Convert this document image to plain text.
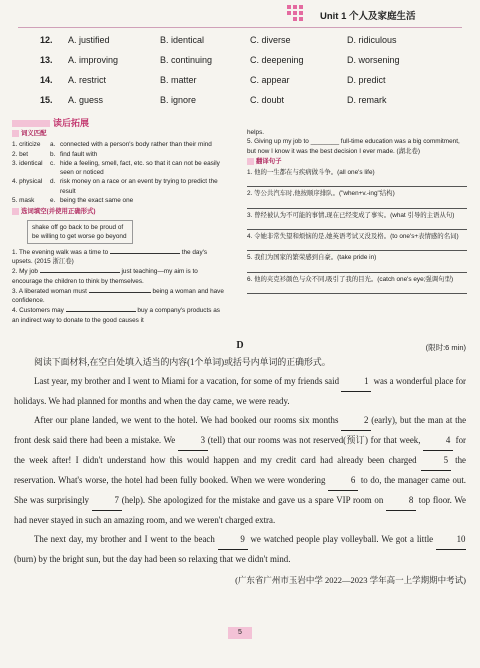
Unit 1 个人及家庭生活
12. A. justified	B. identical	C. diverse	D. ridiculous
13. A. improving	B. continuing	C. deepening	D. worsening
14. A. restrict	B. matter	C. appear	D. predict
15. A. guess	B. ignore	C. doubt	D. remark
读后拓展
词义匹配
1. criticize	a. connected with a person's body rather than their mind
2. bet	b. find fault with
3. identical	c. hide a feeling, smell, fact, etc. so that it can not be easily seen or noticed
4. physical	d. risk money on a race or an event by trying to predict the result
5. mask	e. being the exact same one
选词填空(并使用正确形式)
shake off go back to be proud of
be willing to get worse go beyond
1. The evening walk was a time to	the day's upsets. (2015 浙江卷)
2. My job	just teaching—my aim is to encourage the children to think by themselves.
3. A liberated woman must	being a woman and have confidence.
4. Customers may	buy a company's products as an indirect way to donate to the good causes it
helps.
5. Giving up my job to ________ full-time education was a big commitment, but now I know it was the best decision I ever made. (湖北卷)
翻译句子
1. 他的一生都在与疾病做斗争。(all one's life)
2. 等公共汽车时,他按顺序排队。("when+v.-ing"结构)
3. 曾经被认为不可能的事情,现在已经变成了事实。(what 引导的主语从句)
4. 令她非常失望和烦恼的是,她英语考试又没及格。(to one's+表情感的名词)
5. 我们为国家的繁荣感到自豪。(take pride in)
6. 他的夹克衫颜色与众不同,吸引了我的目光。(catch one's eye;强调句型)
D	(限时:6 min)

阅读下面材料,在空白处填入适当的内容(1个单词)或括号内单词的正确形式。

Last year, my brother and I went to Miami for a vacation, for some of my friends said	1 was a wonderful place for holidays. We had planned for months and when the day came, we were ready.

After our plane landed, we went to the hotel. We had booked our rooms six months	2 (early), but the man at the front desk said there had been a mistake. We	3 (tell) that our rooms was not reserved(预订) for that week,	4 for the week after! I didn't understand how this would happen and my credit card had already been charged	5 the reservation. What's worse, the hotel had been fully booked. When we were wondering	6 to do, the manager came out. She was surprisingly	7 (help). She apologized for the mistake and gave us a spare VIP room on	8 top floor. We had never stayed in such an amazing room, and we weren't charged extra.

The next day, my brother and I went to the beach	9 we watched people play volleyball. We got a little 10(burn) by the bright sun, but the day had been so relaxing that we didn't mind.

(广东省广州市玉岩中学 2022—2023 学年高一上学期期中考试)
5
